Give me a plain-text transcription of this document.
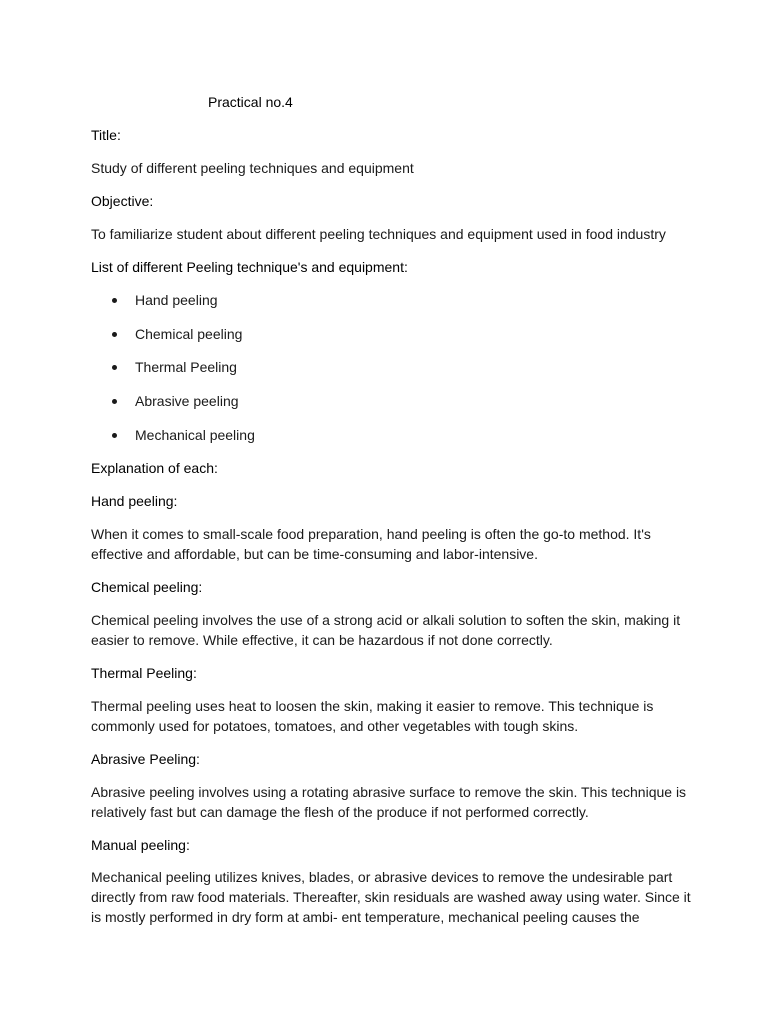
Practical no.4
Title:
Study of different peeling techniques and equipment
Objective:
To familiarize student about different peeling techniques and equipment used in food industry
List of different Peeling technique's and equipment:
Hand peeling
Chemical peeling
Thermal Peeling
Abrasive peeling
Mechanical peeling
Explanation of each:
Hand peeling:
When it comes to small-scale food preparation, hand peeling is often the go-to method. It's effective and affordable, but can be time-consuming and labor-intensive.
Chemical peeling:
Chemical peeling involves the use of a strong acid or alkali solution to soften the skin, making it easier to remove. While effective, it can be hazardous if not done correctly.
Thermal Peeling:
Thermal peeling uses heat to loosen the skin, making it easier to remove. This technique is commonly used for potatoes, tomatoes, and other vegetables with tough skins.
Abrasive Peeling:
Abrasive peeling involves using a rotating abrasive surface to remove the skin. This technique is relatively fast but can damage the flesh of the produce if not performed correctly.
Manual peeling:
Mechanical peeling utilizes knives, blades, or abrasive devices to remove the undesirable part directly from raw food materials. Thereafter, skin residuals are washed away using water. Since it is mostly performed in dry form at ambi- ent temperature, mechanical peeling causes the
